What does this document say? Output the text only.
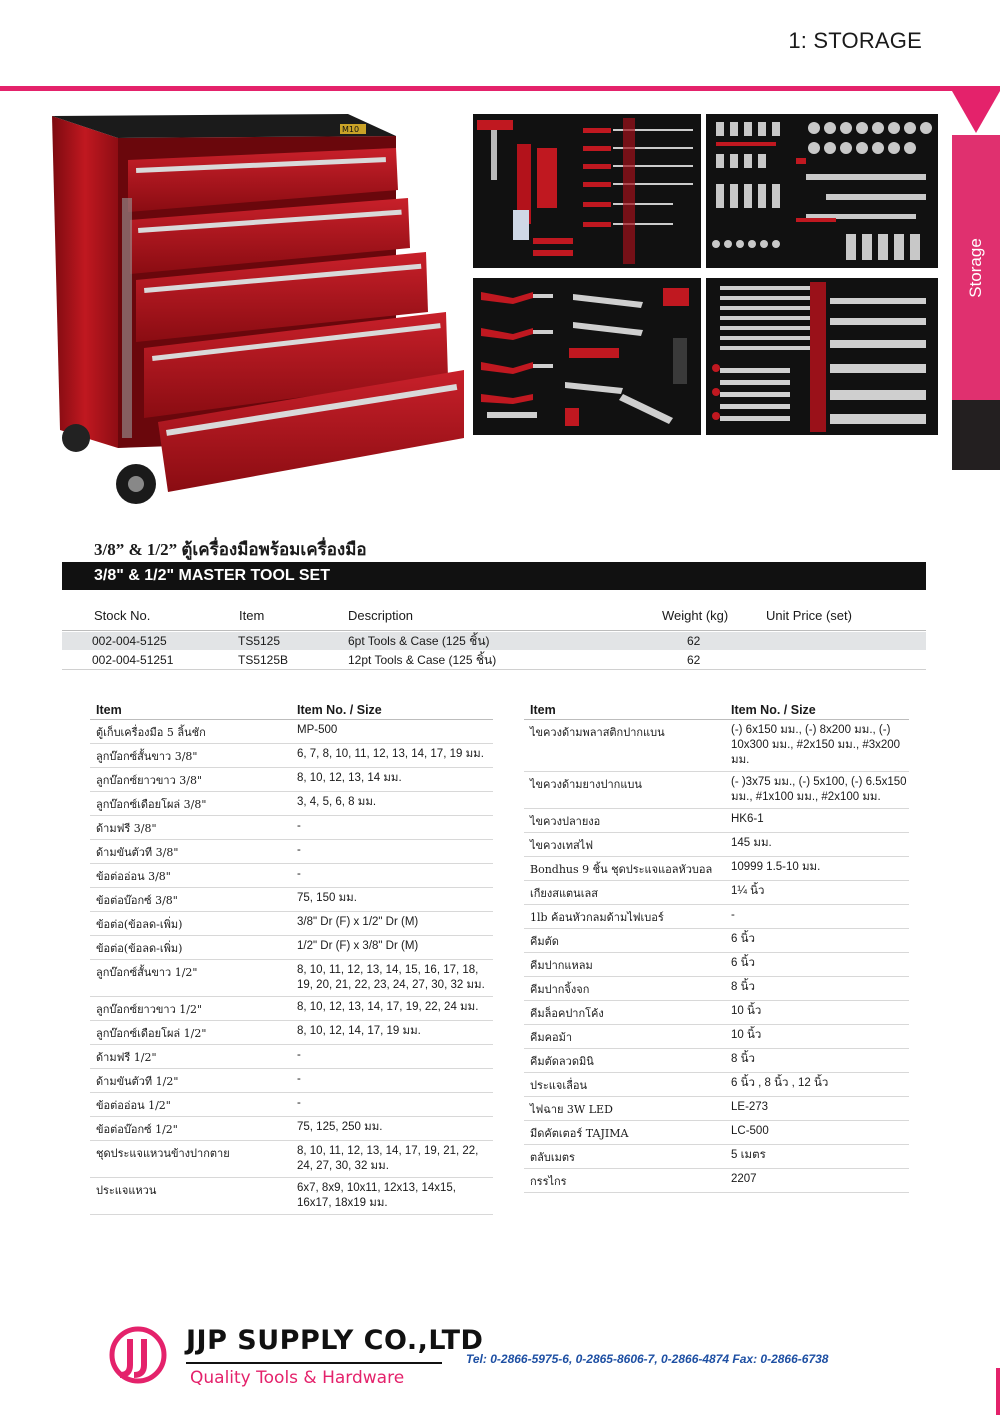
1: STORAGE
Storage
M10
3/8” & 1/2” ตู้เครื่องมือพร้อมเครื่องมือ
3/8" & 1/2" MASTER TOOL SET
Stock No.	Item	Description	Weight (kg)	Unit Price (set)
002-004-5125	TS5125	6pt Tools & Case (125 ชิ้น)	62
002-004-51251	TS5125B	12pt Tools & Case (125 ชิ้น)	62
Item	Item No. / Size
ตู้เก็บเครื่องมือ 5 ลิ้นชัก	MP-500
ลูกบ๊อกซ์สั้นขาว 3/8"	6, 7, 8, 10, 11, 12, 13, 14, 17, 19 มม.
ลูกบ๊อกซ์ยาวขาว 3/8"	8, 10, 12, 13, 14 มม.
ลูกบ๊อกซ์เดือยโผล่ 3/8"	3, 4, 5, 6, 8 มม.
ด้ามฟรี 3/8"	-
ด้ามขันตัวที 3/8"	-
ข้อต่ออ่อน 3/8"	-
ข้อต่อบ๊อกซ์ 3/8"	75, 150 มม.
ข้อต่อ(ข้อลด-เพิ่ม)	3/8" Dr (F) x 1/2" Dr (M)
ข้อต่อ(ข้อลด-เพิ่ม)	1/2" Dr (F) x 3/8" Dr (M)
ลูกบ๊อกซ์สั้นขาว 1/2"	8, 10, 11, 12, 13, 14, 15, 16, 17, 18, 19, 20, 21, 22, 23, 24, 27, 30, 32 มม.
ลูกบ๊อกซ์ยาวขาว 1/2"	8, 10, 12, 13, 14, 17, 19, 22, 24 มม.
ลูกบ๊อกซ์เดือยโผล่ 1/2"	8, 10, 12, 14, 17, 19 มม.
ด้ามฟรี 1/2"	-
ด้ามขันตัวที 1/2"	-
ข้อต่ออ่อน 1/2"	-
ข้อต่อบ๊อกซ์ 1/2"	75, 125, 250 มม.
ชุดประแจแหวนข้างปากตาย	8, 10, 11, 12, 13, 14, 17, 19, 21, 22, 24, 27, 30, 32 มม.
ประแจแหวน	6x7, 8x9, 10x11, 12x13, 14x15, 16x17, 18x19 มม.
Item	Item No. / Size
ไขควงด้ามพลาสติกปากแบน	(-) 6x150 มม., (-) 8x200 มม., (-) 10x300 มม., #2x150 มม., #3x200 มม.
ไขควงด้ามยางปากแบน	(- )3x75 มม., (-) 5x100, (-) 6.5x150 มม., #1x100 มม., #2x100 มม.
ไขควงปลายงอ	HK6-1
ไขควงเทสไฟ	145 มม.
Bondhus 9 ชิ้น ชุดประแจแอลหัวบอล	10999 1.5-10 มม.
เกียงสแตนเลส	1¼ นิ้ว
1lb ค้อนหัวกลมด้ามไฟเบอร์	-
คีมตัด	6 นิ้ว
คีมปากแหลม	6 นิ้ว
คีมปากจิ้งจก	8 นิ้ว
คีมล็อคปากโค้ง	10 นิ้ว
คีมคอม้า	10 นิ้ว
คีมตัดลวดมินิ	8 นิ้ว
ประแจเลื่อน	6 นิ้ว , 8 นิ้ว , 12 นิ้ว
ไฟฉาย 3W LED	LE-273
มีดคัตเตอร์ TAJIMA	LC-500
ตลับเมตร	5 เมตร
กรรไกร	2207
JJP SUPPLY CO.,LTD
Quality Tools & Hardware
Tel: 0-2866-5975-6, 0-2865-8606-7, 0-2866-4874 Fax: 0-2866-6738
